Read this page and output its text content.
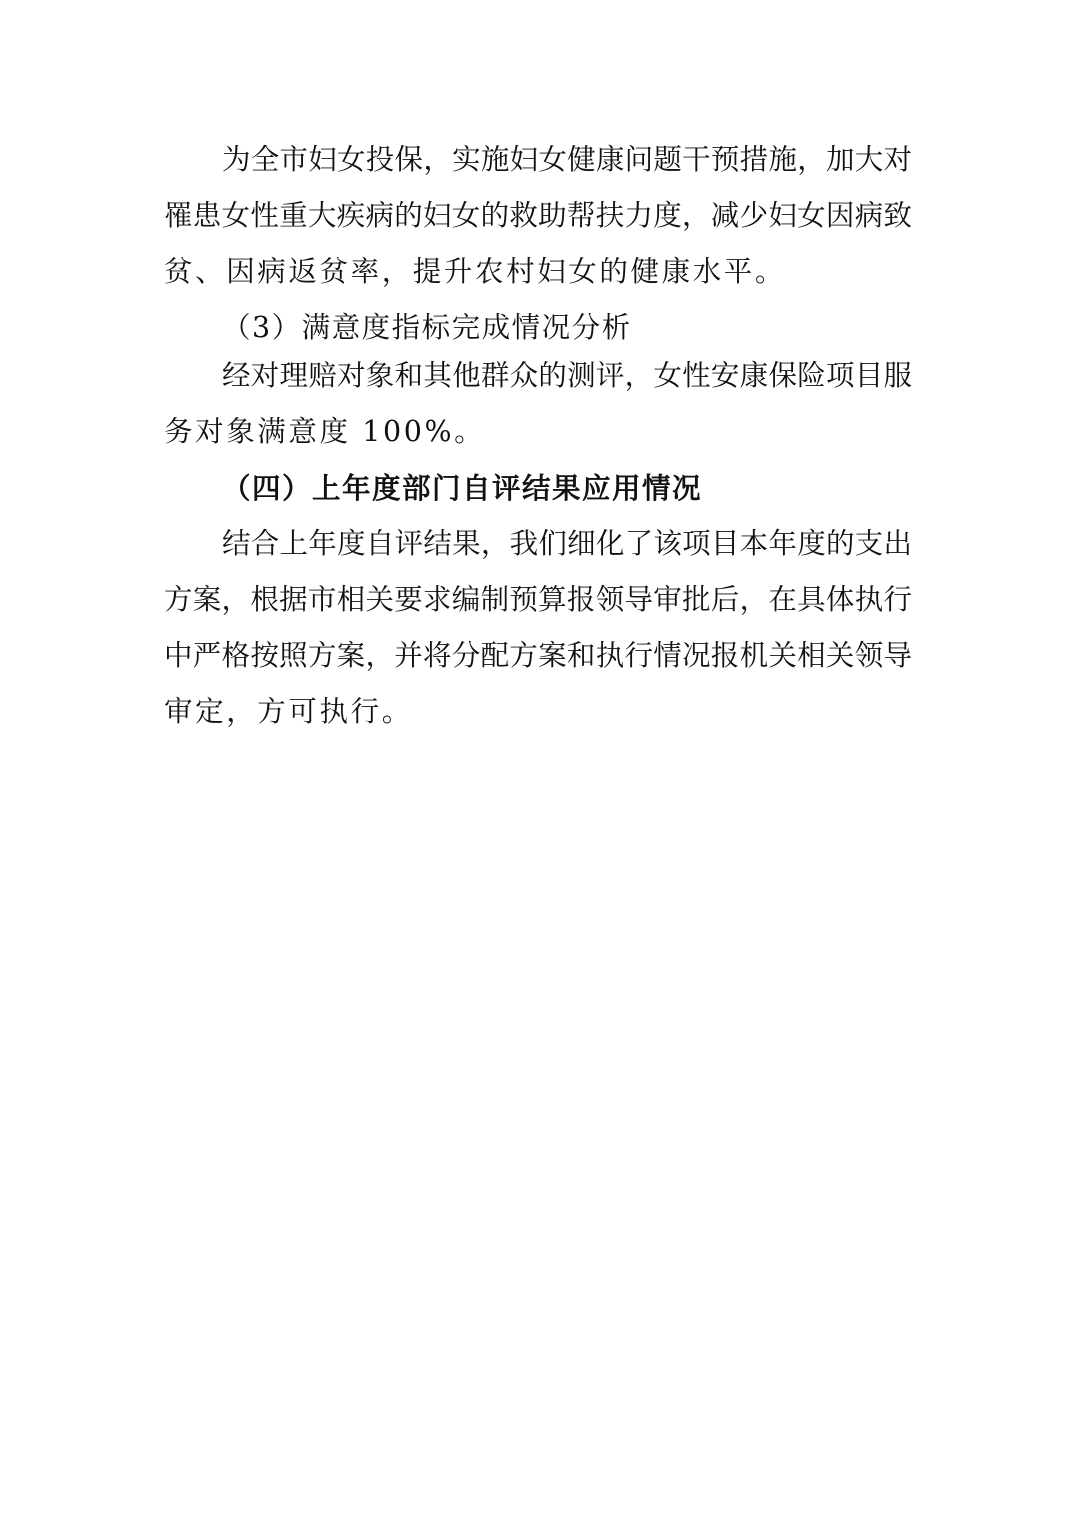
为全市妇女投保，实施妇女健康问题干预措施，加大对
罹患女性重大疾病的妇女的救助帮扶力度，减少妇女因病致
贫、因病返贫率，提升农村妇女的健康水平。
（3）满意度指标完成情况分析
经对理赔对象和其他群众的测评，女性安康保险项目服
务对象满意度 100%。
（四）上年度部门自评结果应用情况
结合上年度自评结果，我们细化了该项目本年度的支出
方案，根据市相关要求编制预算报领导审批后，在具体执行
中严格按照方案，并将分配方案和执行情况报机关相关领导
审定，方可执行。
